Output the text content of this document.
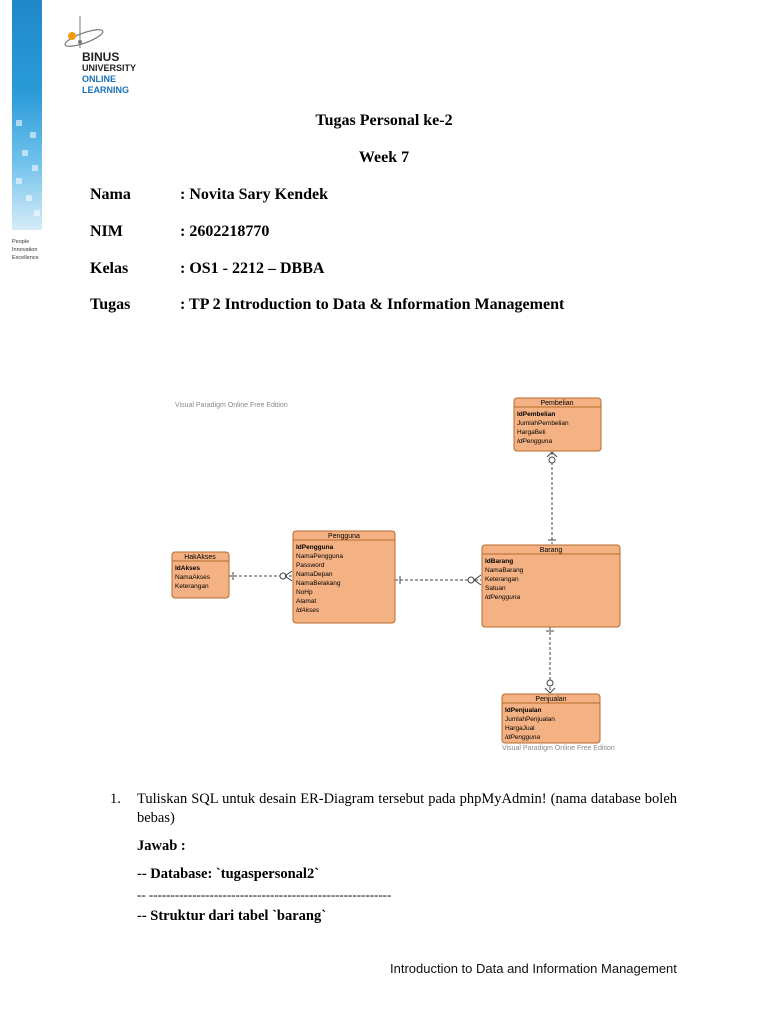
People
Innovation
Excellence
BINUS
UNIVERSITY
ONLINE
LEARNING
Tugas Personal ke-2
Week 7
Nama	: Novita Sary Kendek
NIM	: 2602218770
Kelas	: OS1 - 2212 – DBBA
Tugas	: TP 2 Introduction to Data & Information Management
Visual Paradigm Online Free Edition
HakAkses
IdAkses
NamaAkses
Keterangan
Pengguna
IdPengguna
NamaPengguna
Password
NamaDepan
NamaBelakang
NoHp
Alamat
IdAkses
Barang
IdBarang
NamaBarang
Keterangan
Satuan
IdPengguna
Pembelian
IdPembelian
JumlahPembelian
HargaBeli
IdPengguna
Penjualan
IdPenjualan
JumlahPenjualan
HargaJual
IdPengguna
Visual Paradigm Online Free Edition
1. Tuliskan SQL untuk desain ER-Diagram tersebut pada phpMyAdmin! (nama database boleh bebas)
Jawab :
-- Database: `tugaspersonal2`
-- --------------------------------------------------------
-- Struktur dari tabel `barang`
Introduction to Data and Information Management
